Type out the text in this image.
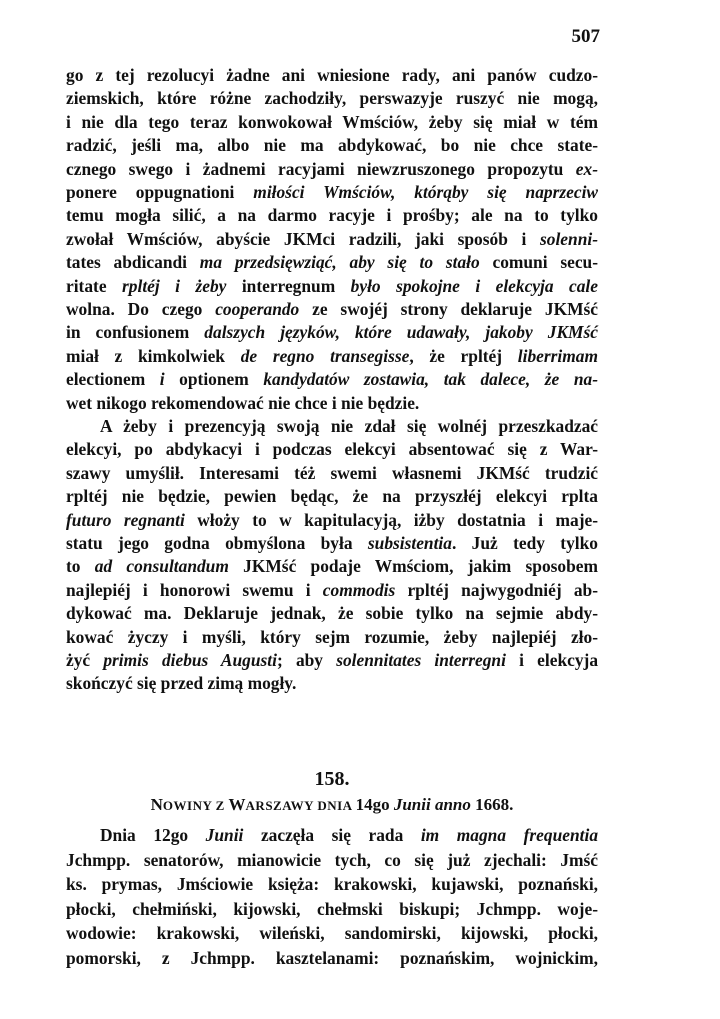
507
go z tej rezolucyi żadne ani wniesione rady, ani panów cudzo-
ziemskich, które różne zachodziły, perswazyje ruszyć nie mogą,
i nie dla tego teraz konwokował Wmściów, żeby się miał w tém
radzić, jeśli ma, albo nie ma abdykować, bo nie chce state-
cznego swego i żadnemi racyjami niewzruszonego propozytu ex-
ponere oppugnationi miłości Wmściów, którąby się naprzeciw
temu mogła silić, a na darmo racyje i prośby; ale na to tylko
zwołał Wmściów, abyście JKMci radzili, jaki sposób i solenni-
tates abdicandi ma przedsięwziąć, aby się to stało comuni secu-
ritate rpltéj i żeby interregnum było spokojne i elekcyja cale
wolna. Do czego cooperando ze swojéj strony deklaruje JKMść
in confusionem dalszych języków, które udawały, jakoby JKMść
miał z kimkolwiek de regno transegisse, że rpltéj liberrimam
electionem i optionem kandydatów zostawia, tak dalece, że na-
wet nikogo rekomendować nie chce i nie będzie.
A żeby i prezencyją swoją nie zdał się wolnéj przeszkadzać
elekcyi, po abdykacyi i podczas elekcyi absentować się z War-
szawy umyślił. Interesami téż swemi własnemi JKMść trudzić
rpltéj nie będzie, pewien będąc, że na przyszłéj elekcyi rplta
futuro regnanti włoży to w kapitulacyją, iżby dostatnia i maje-
statu jego godna obmyślona była subsistentia. Już tedy tylko
to ad consultandum JKMść podaje Wmściom, jakim sposobem
najlepiéj i honorowi swemu i commodis rpltéj najwygodniéj ab-
dykować ma. Deklaruje jednak, że sobie tylko na sejmie abdy-
kować życzy i myśli, który sejm rozumie, żeby najlepiéj zło-
żyć primis diebus Augusti; aby solennitates interregni i elekcyja
skończyć się przed zimą mogły.
Dnia 12go Junii zaczęła się rada im magna frequentia
Jchmpp. senatorów, mianowicie tych, co się już zjechali: Jmść
ks. prymas, Jmściowie księża: krakowski, kujawski, poznański,
płocki, chełmiński, kijowski, chełmski biskupi; Jchmpp. woje-
wodowie: krakowski, wileński, sandomirski, kijowski, płocki,
pomorski, z Jchmpp. kasztelanami: poznańskim, wojnickim,
158.
NOWINY Z WARSZAWY DNIA 14go Junii anno 1668.
